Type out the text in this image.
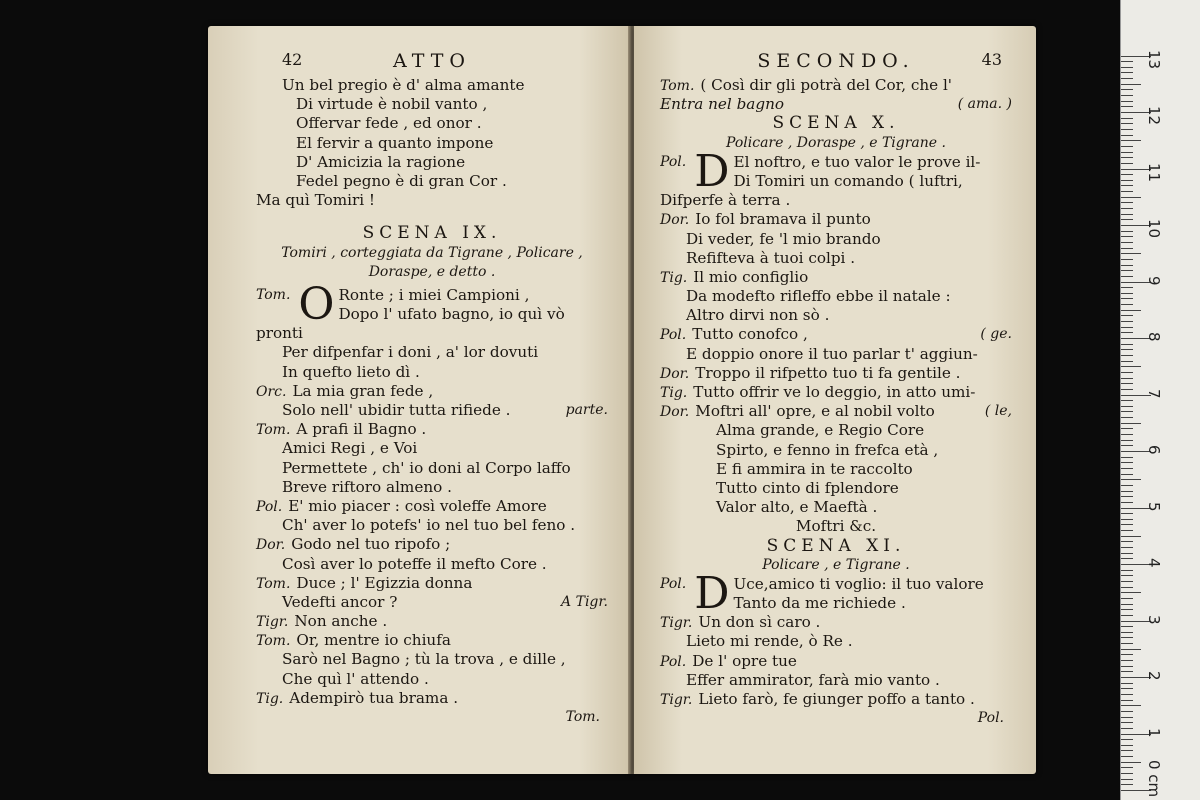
42	ATTO
Un bel pregio è d' alma amante
Di virtude è nobil vanto ,
Offervar fede , ed onor .
El fervir a quanto impone
D' Amicizia la ragione
Fedel pegno è di gran Cor .
Ma quì Tomiri !
SCENA IX.
Tomiri , corteggiata da Tigrane , Policare ,
Doraspe, e detto .
Tom. O Ronte ; i miei Campioni ,
Dopo l' ufato bagno, io quì vò
pronti
Per difpenfar i doni , a' lor dovuti
In quefto lieto dì .
Orc. La mia gran fede ,
Solo nell' ubidir tutta rifiede .	parte.
Tom. A prafi il Bagno .
Amici Regi , e Voi
Permettete , ch' io doni al Corpo laffo
Breve riftoro almeno .
Pol. E' mio piacer : così voleffe Amore
Ch' aver lo potefs' io nel tuo bel feno .
Dor. Godo nel tuo ripofo ;
Così aver lo poteffe il mefto Core .
Tom. Duce ; l' Egizzia donna
Vedefti ancor ?	A Tigr.
Tigr. Non anche .
Tom. Or, mentre io chiufa
Sarò nel Bagno ; tù la trova , e dille ,
Che quì l' attendo .
Tig. Adempirò tua brama .
Tom.
SECONDO.	43
Tom. ( Così dir gli potrà del Cor, che l'
Entra nel bagno	( ama. )
SCENA X.
Policare , Doraspe , e Tigrane .
Pol. D El noftro, e tuo valor le prove il-
Di Tomiri un comando ( luftri,
Difperfe à terra .
Dor. Io fol bramava il punto
Di veder, fe 'l mio brando
Refifteva à tuoi colpi .
Tig. Il mio configlio
Da modefto rifleffo ebbe il natale :
Altro dirvi non sò .
Pol. Tutto conofco ,	( ge.
E doppio onore il tuo parlar t' aggiun-
Dor. Troppo il rifpetto tuo ti fa gentile .
Tig. Tutto offrir ve lo deggio, in atto umi-
Dor. Moftri all' opre, e al nobil volto	( le,
Alma grande, e Regio Core
Spirto, e fenno in frefca età ,
E fi ammira in te raccolto
Tutto cinto di fplendore
Valor alto, e Maeftà .
Moftri &c.
SCENA XI.
Policare , e Tigrane .
Pol. D Uce,amico ti voglio: il tuo valore
Tanto da me richiede .
Tigr. Un don sì caro .
Lieto mi rende, ò Re .
Pol. De l' opre tue
Effer ammirator, farà mio vanto .
Tigr. Lieto farò, fe giunger poffo a tanto .
Pol.
0 cm
1
2
3
4
5
6
7
8
9
10
11
12
13
